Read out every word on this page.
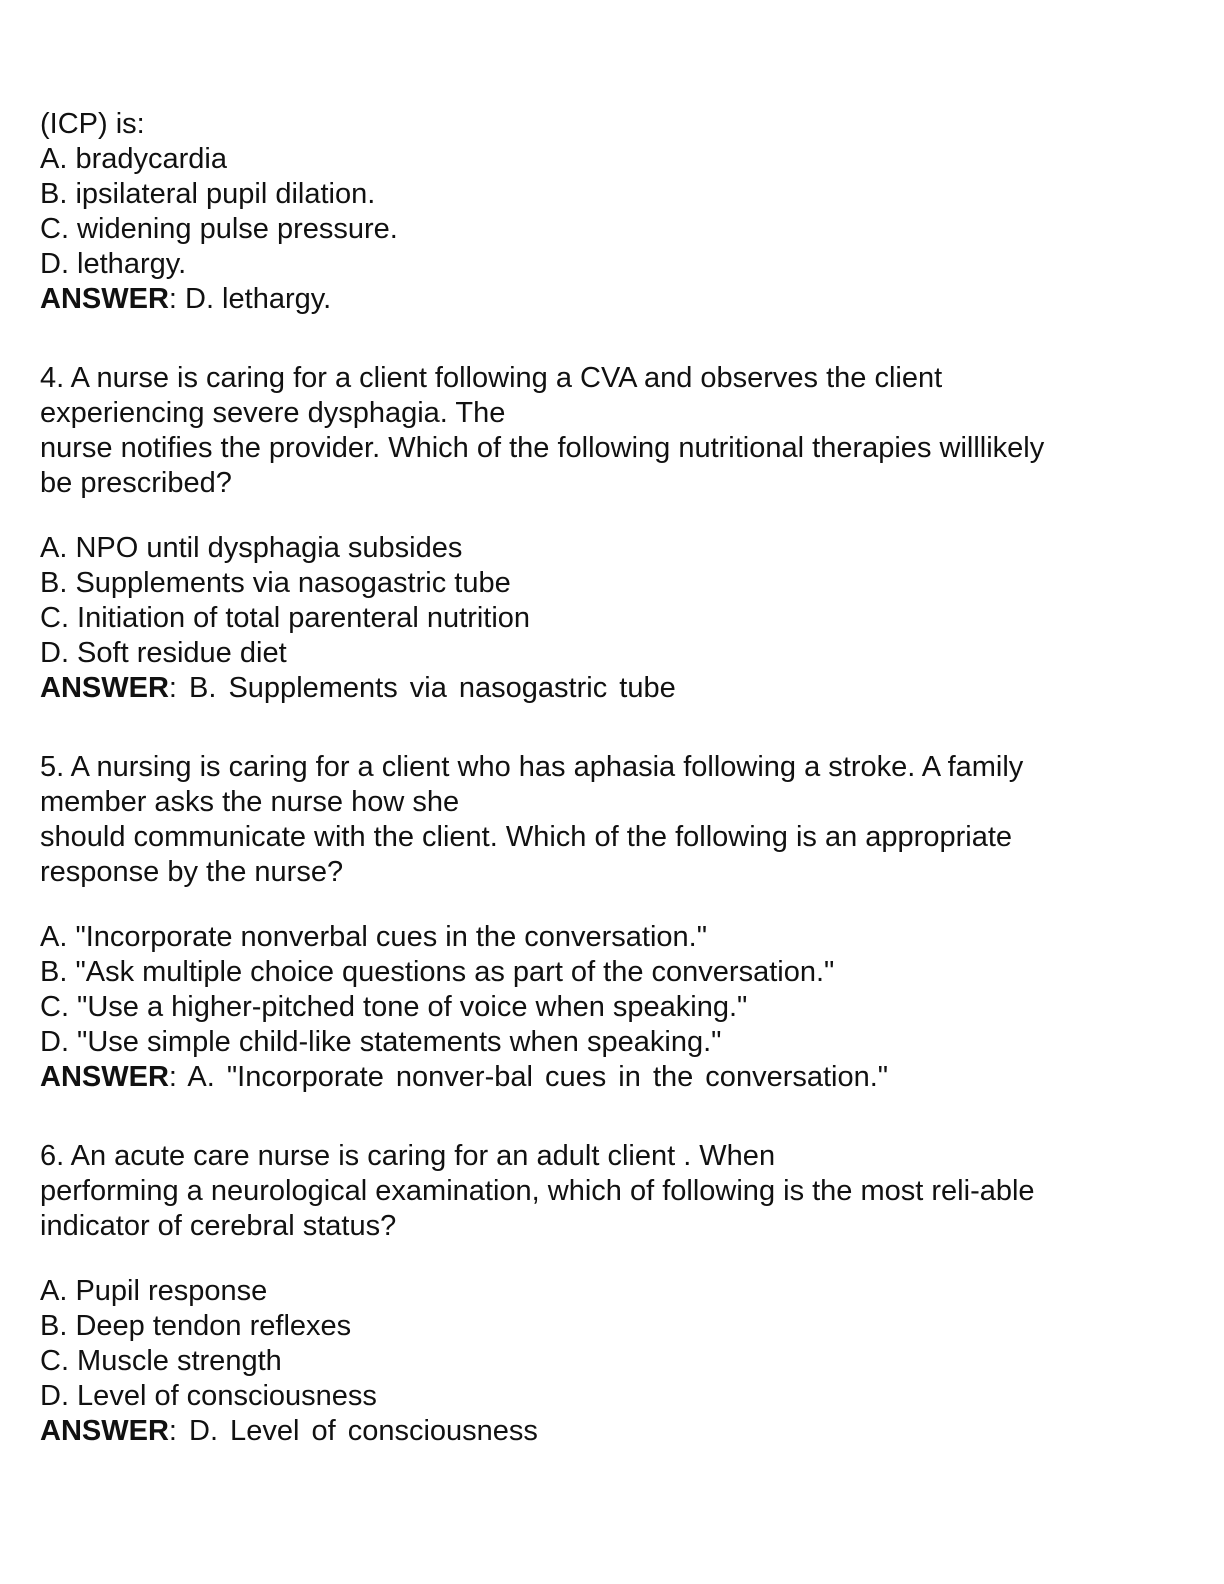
(ICP) is:
A. bradycardia
B. ipsilateral pupil dilation.
C. widening pulse pressure.
D. lethargy.
ANSWER: D. lethargy.
4. A nurse is caring for a client following a CVA and observes the client
experiencing severe dysphagia. The
nurse notifies the provider. Which of the following nutritional therapies willlikely
be prescribed?
A. NPO until dysphagia subsides
B. Supplements via nasogastric tube
C. Initiation of total parenteral nutrition
D. Soft residue diet
ANSWER: B. Supplements via nasogastric tube
5. A nursing is caring for a client who has aphasia following a stroke. A family
member asks the nurse how she
should communicate with the client. Which of the following is an appropriate
response by the nurse?
A. "Incorporate nonverbal cues in the conversation."
B. "Ask multiple choice questions as part of the conversation."
C. "Use a higher-pitched tone of voice when speaking."
D. "Use simple child-like statements when speaking."
ANSWER: A. "Incorporate nonver-bal cues in the conversation."
6. An acute care nurse is caring for an adult client . When
performing a neurological examination, which of following is the most reli-able
indicator of cerebral status?
A. Pupil response
B. Deep tendon reflexes
C. Muscle strength
D. Level of consciousness
ANSWER: D. Level of consciousness
